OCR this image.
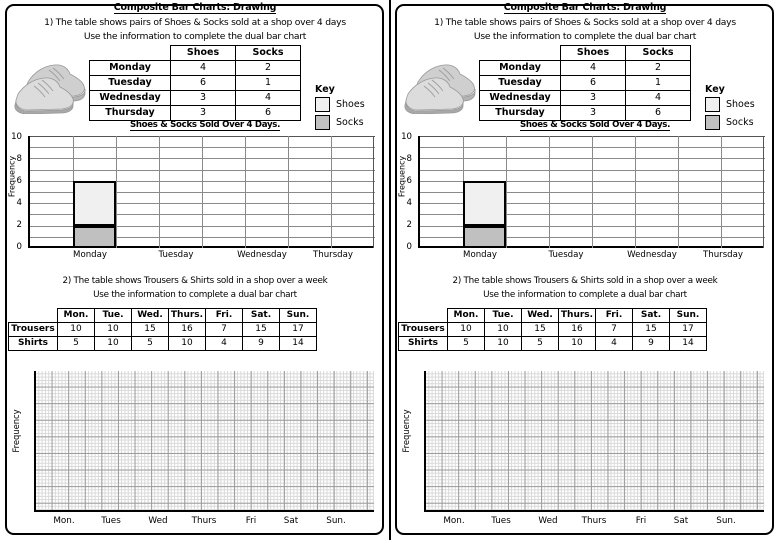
Composite Bar Charts: Drawing
1) The table shows pairs of Shoes & Socks sold at a shop over 4 days
Use the information to complete the dual bar chart
	Shoes	Socks
Monday	4	2
Tuesday	6	1
Wednesday	3	4
Thursday	3	6
Key
Shoes
Socks
Shoes & Socks Sold Over 4 Days.
Frequency
10
8
6
4
2
0
Monday	Tuesday	Wednesday	Thursday
2) The table shows Trousers & Shirts sold in a shop over a week
Use the information to complete a dual bar chart
	Mon.	Tue.	Wed.	Thurs.	Fri.	Sat.	Sun.
Trousers	10	10	15	16	7	15	17
Shirts	5	10	5	10	4	9	14
Frequency
Mon.	Tues	Wed	Thurs	Fri	Sat	Sun.
Composite Bar Charts: Drawing
1) The table shows pairs of Shoes & Socks sold at a shop over 4 days
Use the information to complete the dual bar chart
	Shoes	Socks
Monday	4	2
Tuesday	6	1
Wednesday	3	4
Thursday	3	6
Key
Shoes
Socks
Shoes & Socks Sold Over 4 Days.
Frequency
10
8
6
4
2
0
Monday	Tuesday	Wednesday	Thursday
2) The table shows Trousers & Shirts sold in a shop over a week
Use the information to complete a dual bar chart
	Mon.	Tue.	Wed.	Thurs.	Fri.	Sat.	Sun.
Trousers	10	10	15	16	7	15	17
Shirts	5	10	5	10	4	9	14
Frequency
Mon.	Tues	Wed	Thurs	Fri	Sat	Sun.
